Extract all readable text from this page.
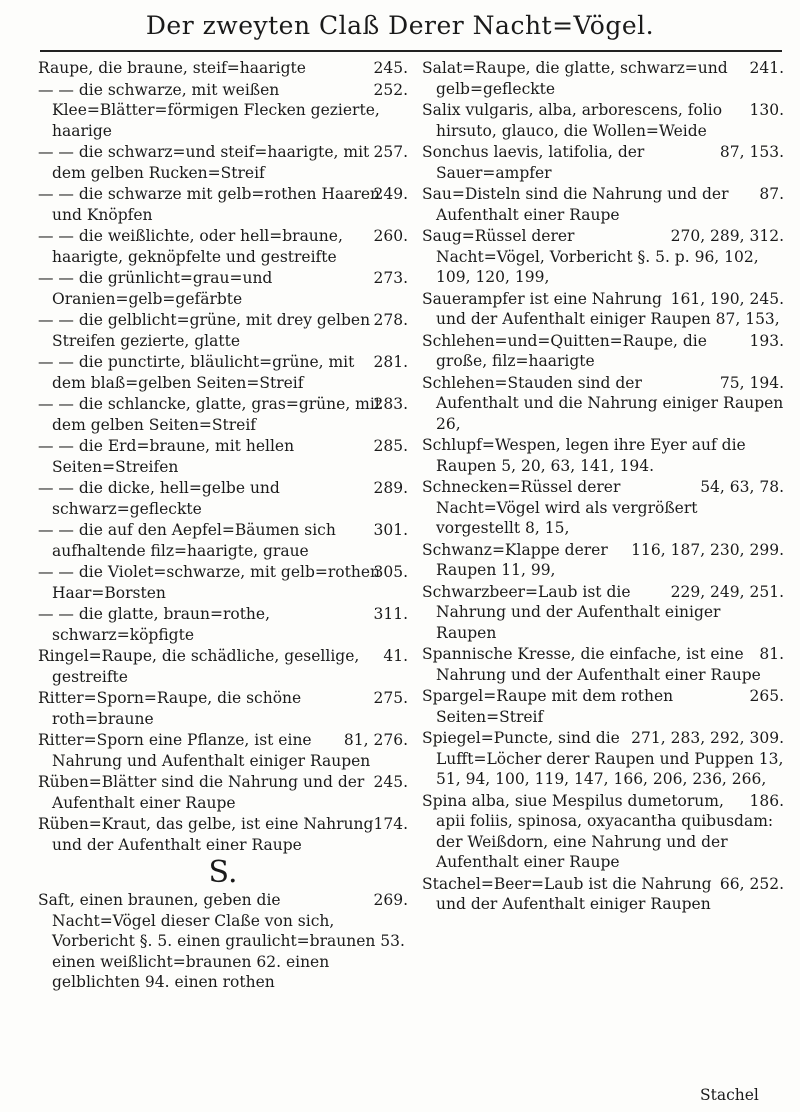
Der zweyten Claß Derer Nacht=Vögel.
245.
Raupe, die braune, steif=haarigte
252.
— — die schwarze, mit weißen Klee=Blätter=förmigen Flecken gezierte, haarige
257.
— — die schwarz=und steif=haarigte, mit dem gelben Rucken=Streif
249.
— — die schwarze mit gelb=rothen Haaren und Knöpfen
260.
— — die weißlichte, oder hell=braune, haarigte, geknöpfelte und gestreifte
273.
— — die grünlicht=grau=und Oranien=gelb=gefärbte
278.
— — die gelblicht=grüne, mit drey gelben Streifen gezierte, glatte
281.
— — die punctirte, bläulicht=grüne, mit dem blaß=gelben Seiten=Streif
283.
— — die schlancke, glatte, gras=grüne, mit dem gelben Seiten=Streif
285.
— — die Erd=braune, mit hellen Seiten=Streifen
289.
— — die dicke, hell=gelbe und schwarz=gefleckte
301.
— — die auf den Aepfel=Bäumen sich aufhaltende filz=haarigte, graue
305.
— — die Violet=schwarze, mit gelb=rothen Haar=Borsten
311.
— — die glatte, braun=rothe, schwarz=köpfigte
41.
Ringel=Raupe, die schädliche, gesellige, gestreifte
275.
Ritter=Sporn=Raupe, die schöne roth=braune
81, 276.
Ritter=Sporn eine Pflanze, ist eine Nahrung und Aufenthalt einiger Raupen
245.
Rüben=Blätter sind die Nahrung und der Aufenthalt einer Raupe
174.
Rüben=Kraut, das gelbe, ist eine Nahrung und der Aufenthalt einer Raupe
S.
269.
Saft, einen braunen, geben die Nacht=Vögel dieser Claße von sich, Vorbericht §. 5. einen graulicht=braunen 53. einen weißlicht=braunen 62. einen gelblichten 94. einen rothen
241.
Salat=Raupe, die glatte, schwarz=und gelb=gefleckte
130.
Salix vulgaris, alba, arborescens, folio hirsuto, glauco, die Wollen=Weide
87, 153.
Sonchus laevis, latifolia, der Sauer=ampfer
87.
Sau=Disteln sind die Nahrung und der Aufenthalt einer Raupe
270, 289, 312.
Saug=Rüssel derer Nacht=Vögel, Vorbericht §. 5. p. 96, 102, 109, 120, 199,
161, 190, 245.
Sauerampfer ist eine Nahrung und der Aufenthalt einiger Raupen 87, 153,
193.
Schlehen=und=Quitten=Raupe, die große, filz=haarigte
75, 194.
Schlehen=Stauden sind der Aufenthalt und die Nahrung einiger Raupen 26,
Schlupf=Wespen, legen ihre Eyer auf die Raupen 5, 20, 63, 141, 194.
54, 63, 78.
Schnecken=Rüssel derer Nacht=Vögel wird als vergrößert vorgestellt 8, 15,
116, 187, 230, 299.
Schwanz=Klappe derer Raupen 11, 99,
229, 249, 251.
Schwarzbeer=Laub ist die Nahrung und der Aufenthalt einiger Raupen
81.
Spannische Kresse, die einfache, ist eine Nahrung und der Aufenthalt einer Raupe
265.
Spargel=Raupe mit dem rothen Seiten=Streif
271, 283, 292, 309.
Spiegel=Puncte, sind die Lufft=Löcher derer Raupen und Puppen 13, 51, 94, 100, 119, 147, 166, 206, 236, 266,
186.
Spina alba, siue Mespilus dumetorum, apii foliis, spinosa, oxyacantha quibusdam: der Weißdorn, eine Nahrung und der Aufenthalt einer Raupe
66, 252.
Stachel=Beer=Laub ist die Nahrung und der Aufenthalt einiger Raupen
Stachel
